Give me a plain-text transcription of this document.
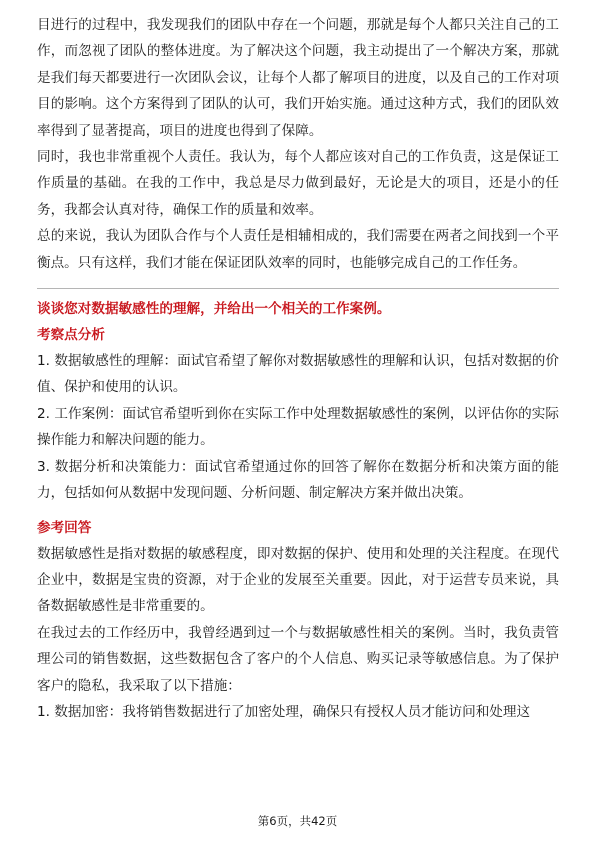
目进行的过程中，我发现我们的团队中存在一个问题，那就是每个人都只关注自己的工作，而忽视了团队的整体进度。为了解决这个问题，我主动提出了一个解决方案，那就是我们每天都要进行一次团队会议，让每个人都了解项目的进度，以及自己的工作对项目的影响。这个方案得到了团队的认可，我们开始实施。通过这种方式，我们的团队效率得到了显著提高，项目的进度也得到了保障。

同时，我也非常重视个人责任。我认为，每个人都应该对自己的工作负责，这是保证工作质量的基础。在我的工作中，我总是尽力做到最好，无论是大的项目，还是小的任务，我都会认真对待，确保工作的质量和效率。

总的来说，我认为团队合作与个人责任是相辅相成的，我们需要在两者之间找到一个平衡点。只有这样，我们才能在保证团队效率的同时，也能够完成自己的工作任务。

谈谈您对数据敏感性的理解，并给出一个相关的工作案例。

考察点分析

1. 数据敏感性的理解：面试官希望了解你对数据敏感性的理解和认识，包括对数据的价值、保护和使用的认识。

2. 工作案例：面试官希望听到你在实际工作中处理数据敏感性的案例，以评估你的实际操作能力和解决问题的能力。

3. 数据分析和决策能力：面试官希望通过你的回答了解你在数据分析和决策方面的能力，包括如何从数据中发现问题、分析问题、制定解决方案并做出决策。

参考回答

数据敏感性是指对数据的敏感程度，即对数据的保护、使用和处理的关注程度。在现代企业中，数据是宝贵的资源，对于企业的发展至关重要。因此，对于运营专员来说，具备数据敏感性是非常重要的。

在我过去的工作经历中，我曾经遇到过一个与数据敏感性相关的案例。当时，我负责管理公司的销售数据，这些数据包含了客户的个人信息、购买记录等敏感信息。为了保护客户的隐私，我采取了以下措施：

1. 数据加密：我将销售数据进行了加密处理，确保只有授权人员才能访问和处理这

第6页，共42页
